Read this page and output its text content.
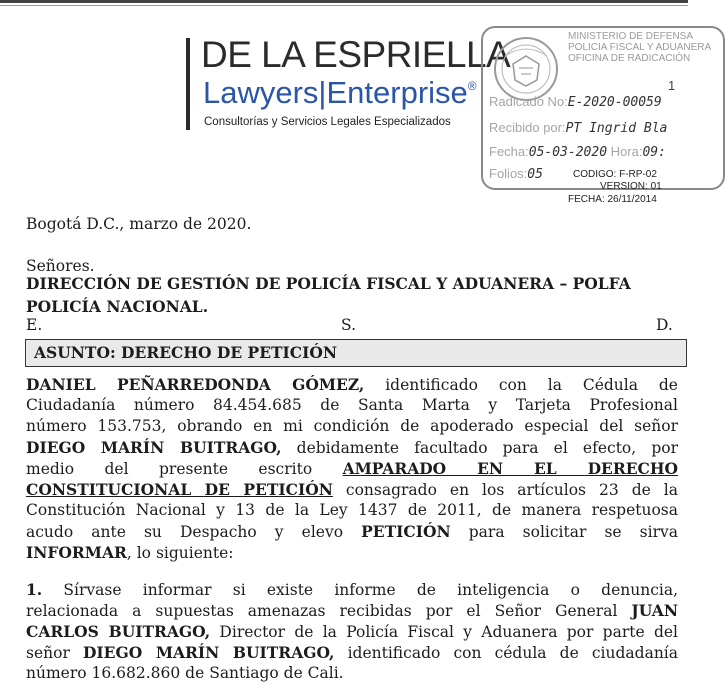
DE LA ESPRIELLA
Lawyers|Enterprise®
Consultorías y Servicios Legales Especializados
MINISTERIO DE DEFENSA
POLICIA FISCAL Y ADUANERA
OFICINA DE RADICACIÓN
1
Radicado No:E-2020-00059
Recibido por:PT Ingrid Bla
Fecha:05-03-2020 Hora:09:
Folios:05	CODIGO: F-RP-02
VERSION: 01
FECHA: 26/11/2014
Bogotá D.C., marzo de 2020.
Señores.
DIRECCIÓN DE GESTIÓN DE POLICÍA FISCAL Y ADUANERA – POLFA
POLICÍA NACIONAL.
E.	S.	D.
ASUNTO: DERECHO DE PETICIÓN
DANIEL PEÑARREDONDA GÓMEZ, identificado con la Cédula de
Ciudadanía número 84.454.685 de Santa Marta y Tarjeta Profesional
número 153.753, obrando en mi condición de apoderado especial del señor
DIEGO MARÍN BUITRAGO, debidamente facultado para el efecto, por
medio del presente escrito AMPARADO EN EL DERECHO
CONSTITUCIONAL DE PETICIÓN consagrado en los artículos 23 de la
Constitución Nacional y 13 de la Ley 1437 de 2011, de manera respetuosa
acudo ante su Despacho y elevo PETICIÓN para solicitar se sirva
INFORMAR, lo siguiente:
1. Sírvase informar si existe informe de inteligencia o denuncia,
relacionada a supuestas amenazas recibidas por el Señor General JUAN
CARLOS BUITRAGO, Director de la Policía Fiscal y Aduanera por parte del
señor DIEGO MARÍN BUITRAGO, identificado con cédula de ciudadanía
número 16.682.860 de Santiago de Cali.
